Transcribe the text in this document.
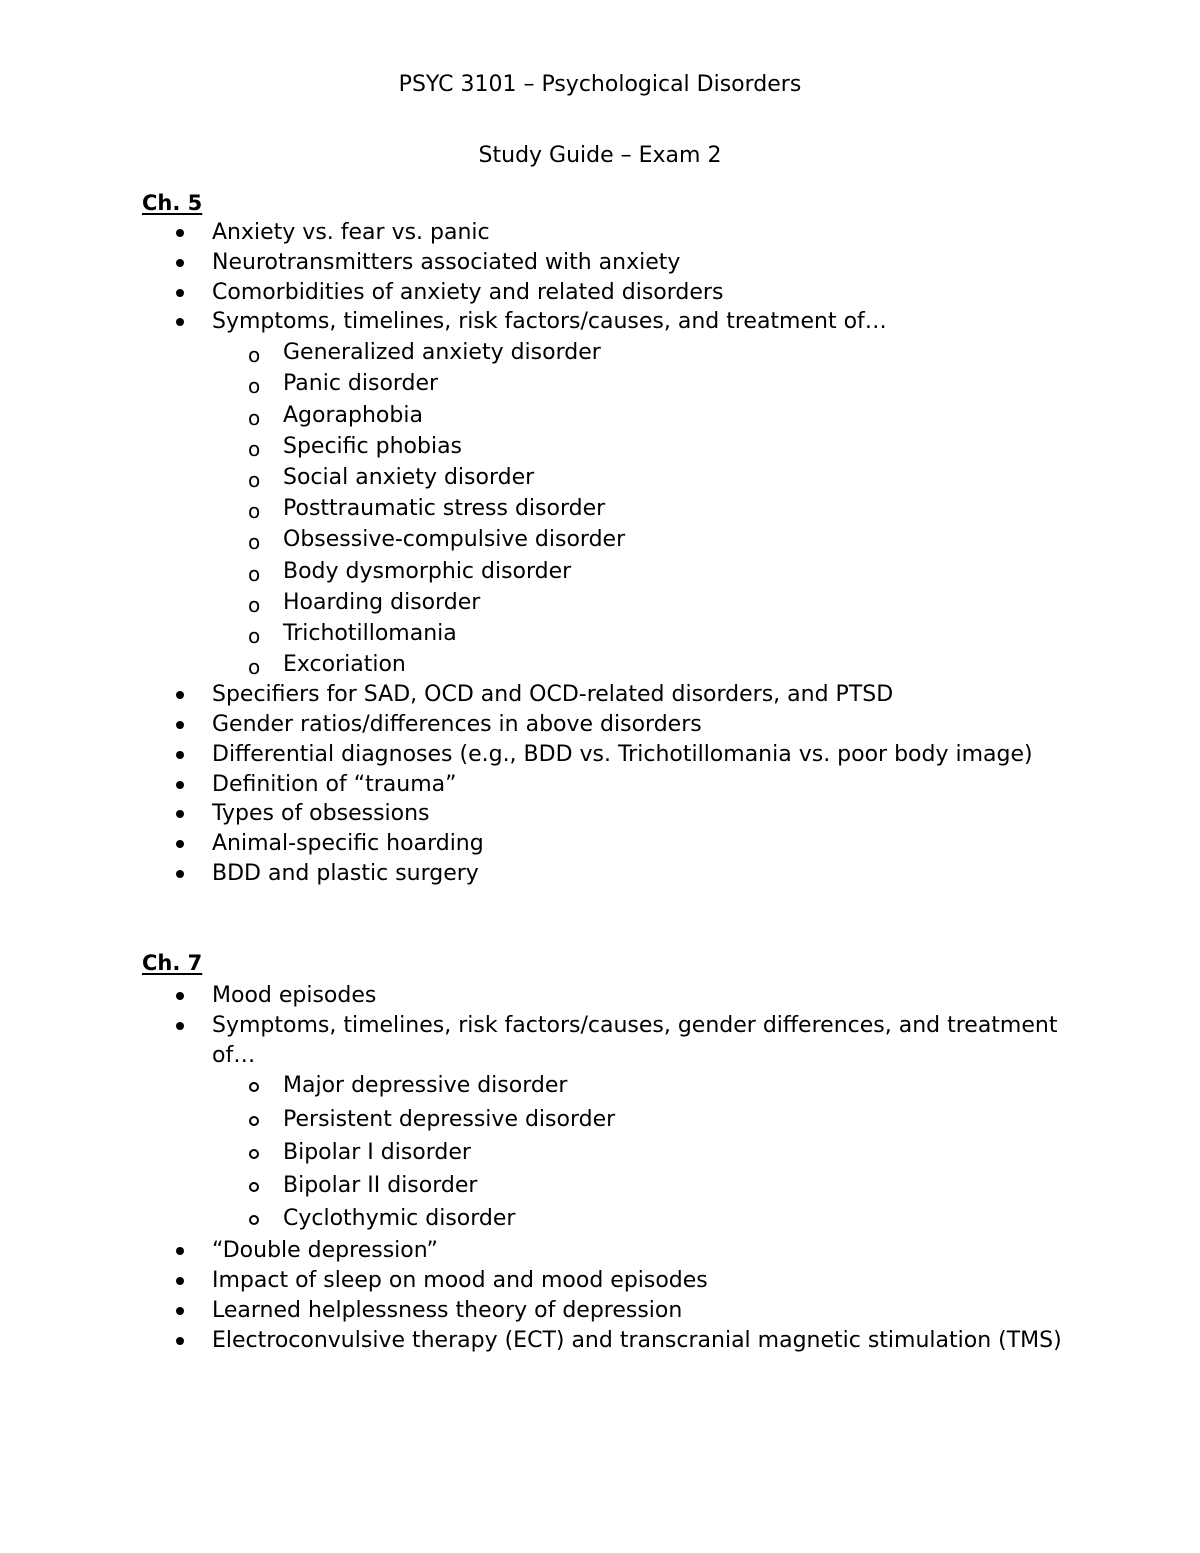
PSYC 3101 – Psychological Disorders
Study Guide – Exam 2
Ch. 5
Anxiety vs. fear vs. panic
Neurotransmitters associated with anxiety
Comorbidities of anxiety and related disorders
Symptoms, timelines, risk factors/causes, and treatment of…
o Generalized anxiety disorder
o Panic disorder
o Agoraphobia
o Specific phobias
o Social anxiety disorder
o Posttraumatic stress disorder
o Obsessive-compulsive disorder
o Body dysmorphic disorder
o Hoarding disorder
o Trichotillomania
o Excoriation
Specifiers for SAD, OCD and OCD-related disorders, and PTSD
Gender ratios/differences in above disorders
Differential diagnoses (e.g., BDD vs. Trichotillomania vs. poor body image)
Definition of “trauma”
Types of obsessions
Animal-specific hoarding
BDD and plastic surgery
Ch. 7
Mood episodes
Symptoms, timelines, risk factors/causes, gender differences, and treatment of…
Major depressive disorder
Persistent depressive disorder
Bipolar I disorder
Bipolar II disorder
Cyclothymic disorder
“Double depression”
Impact of sleep on mood and mood episodes
Learned helplessness theory of depression
Electroconvulsive therapy (ECT) and transcranial magnetic stimulation (TMS)
